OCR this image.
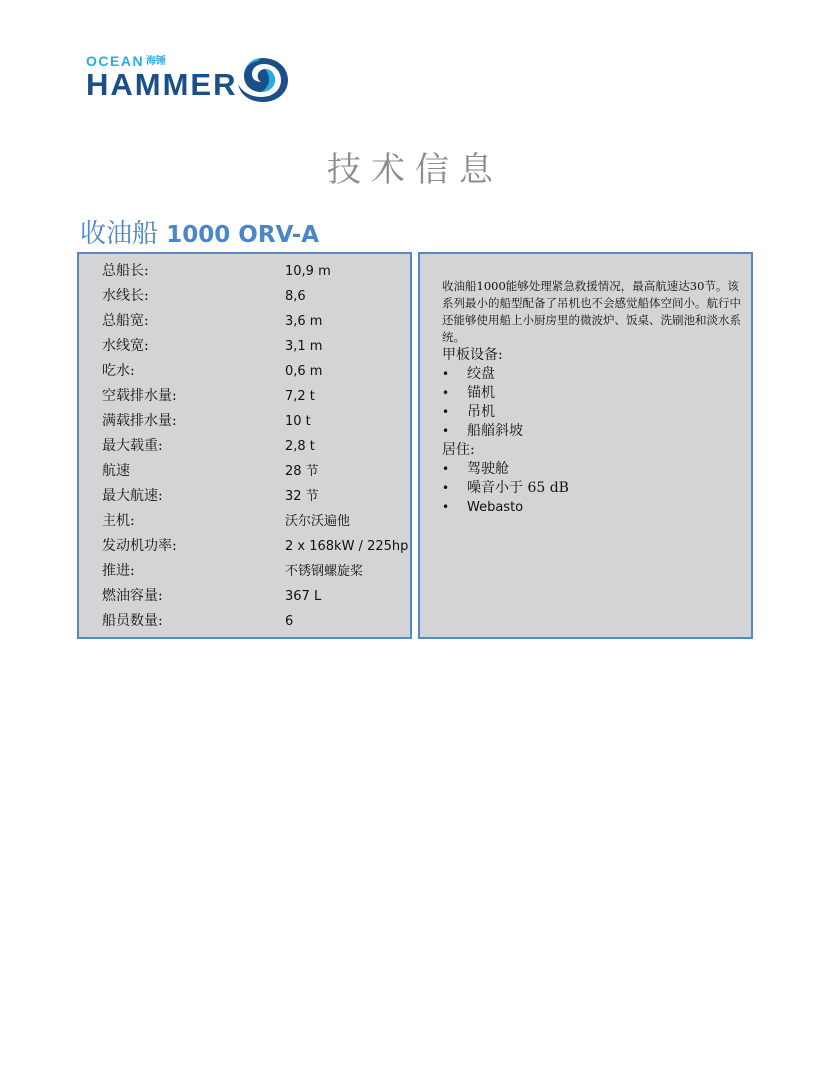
OCEAN 海锤
HAMMER
技术信息
收油船 1000 ORV-A
总船长:	10,9 m
水线长:	8,6
总船宽:	3,6 m
水线宽:	3,1 m
吃水:	0,6 m
空载排水量:	7,2 t
满载排水量:	10 t
最大载重:	2,8 t
航速	28 节
最大航速:	32 节
主机:	沃尔沃遍他
发动机功率:	2 x 168kW / 225hp
推进:	不锈钢螺旋桨
燃油容量:	367 L
船员数量:	6
收油船1000能够处理紧急救援情况，最高航速达30节。该系列最小的船型配备了吊机也不会感觉船体空间小。航行中还能够使用船上小厨房里的微波炉、饭桌、洗刷池和淡水系统。
甲板设备:
• 绞盘
• 锚机
• 吊机
• 船艏斜坡
居住:
• 驾驶舱
• 噪音小于 65 dB
• Webasto
